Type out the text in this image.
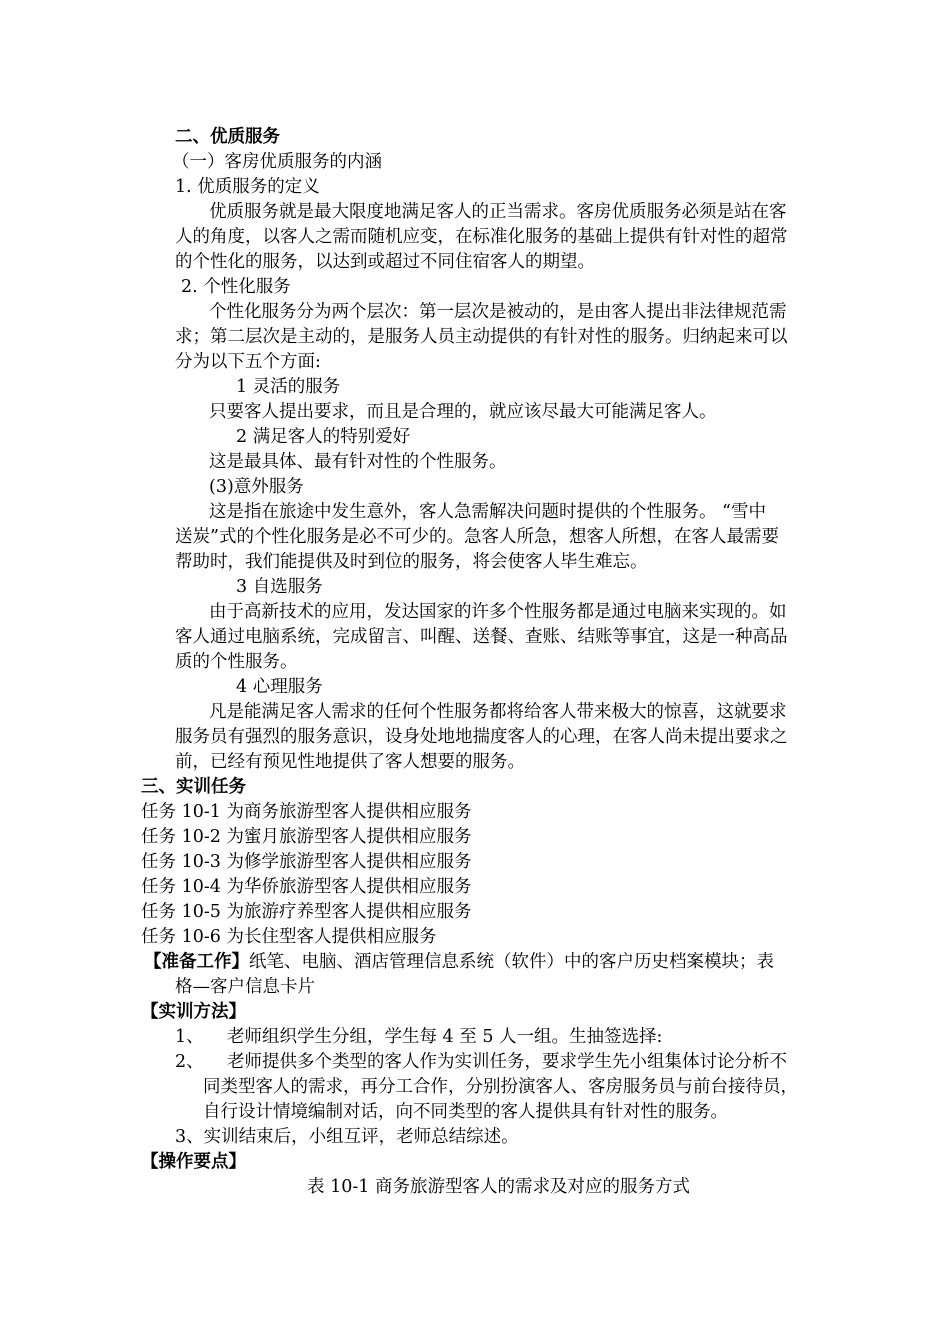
二、优质服务
（一）客房优质服务的内涵
1. 优质服务的定义
优质服务就是最大限度地满足客人的正当需求。客房优质服务必须是站在客
人的角度，以客人之需而随机应变，在标准化服务的基础上提供有针对性的超常
的个性化的服务，以达到或超过不同住宿客人的期望。
2. 个性化服务
个性化服务分为两个层次：第一层次是被动的，是由客人提出非法律规范需
求；第二层次是主动的，是服务人员主动提供的有针对性的服务。归纳起来可以
分为以下五个方面:
1 灵活的服务
只要客人提出要求，而且是合理的，就应该尽最大可能满足客人。
2 满足客人的特别爱好
这是最具体、最有针对性的个性服务。
(3)意外服务
这是指在旅途中发生意外，客人急需解决问题时提供的个性服务。 “雪中
送炭”式的个性化服务是必不可少的。急客人所急，想客人所想，在客人最需要
帮助时，我们能提供及时到位的服务，将会使客人毕生难忘。
3 自选服务
由于高新技术的应用，发达国家的许多个性服务都是通过电脑来实现的。如
客人通过电脑系统，完成留言、叫醒、送餐、查账、结账等事宜，这是一种高品
质的个性服务。
4 心理服务
凡是能满足客人需求的任何个性服务都将给客人带来极大的惊喜，这就要求
服务员有强烈的服务意识，设身处地地揣度客人的心理，在客人尚未提出要求之
前，已经有预见性地提供了客人想要的服务。
三、实训任务
任务 10-1 为商务旅游型客人提供相应服务
任务 10-2 为蜜月旅游型客人提供相应服务
任务 10-3 为修学旅游型客人提供相应服务
任务 10-4 为华侨旅游型客人提供相应服务
任务 10-5 为旅游疗养型客人提供相应服务
任务 10-6 为长住型客人提供相应服务
【准备工作】纸笔、电脑、酒店管理信息系统（软件）中的客户历史档案模块；表
格—客户信息卡片
【实训方法】
1、 老师组织学生分组，学生每 4 至 5 人一组。生抽签选择:
2、 老师提供多个类型的客人作为实训任务，要求学生先小组集体讨论分析不
同类型客人的需求，再分工合作，分别扮演客人、客房服务员与前台接待员，
自行设计情境编制对话，向不同类型的客人提供具有针对性的服务。
3、实训结束后，小组互评，老师总结综述。
【操作要点】
表 10-1 商务旅游型客人的需求及对应的服务方式
